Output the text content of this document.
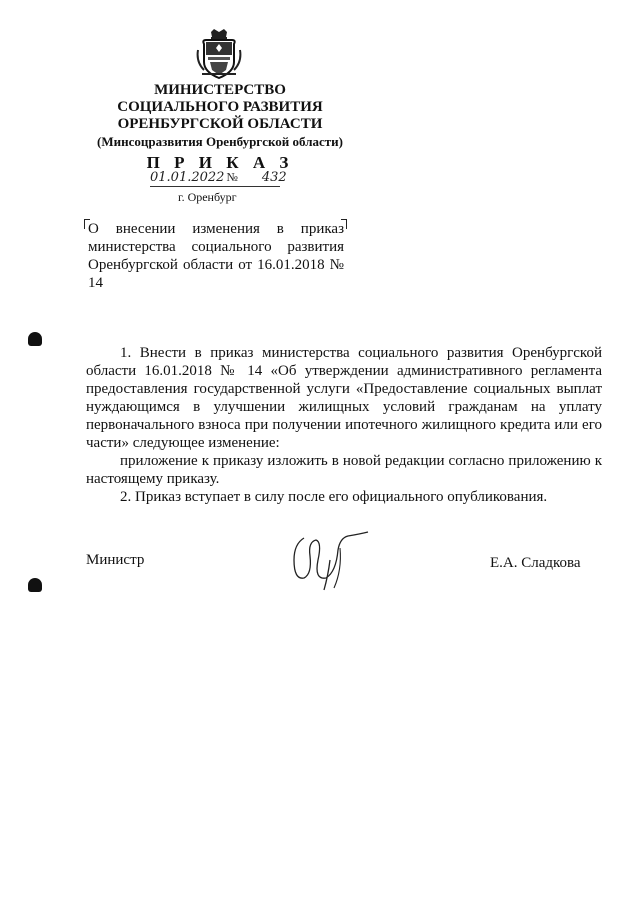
МИНИСТЕРСТВО
СОЦИАЛЬНОГО РАЗВИТИЯ
ОРЕНБУРГСКОЙ ОБЛАСТИ
(Минсоцразвития Оренбургской области)
П Р И К А З
01.01.2022 № 432
г. Оренбург
О внесении изменения в приказ министерства социального развития Оренбургской области от 16.01.2018 № 14

1. Внести в приказ министерства социального развития Оренбургской области 16.01.2018 № 14 «Об утверждении административного регламента предоставления государственной услуги «Предоставление социальных выплат нуждающимся в улучшении жилищных условий гражданам на уплату первоначального взноса при получении ипотечного жилищного кредита или его части» следующее изменение:

приложение к приказу изложить в новой редакции согласно приложению к настоящему приказу.

2. Приказ вступает в силу после его официального опубликования.

Министр	Е.А. Сладкова
